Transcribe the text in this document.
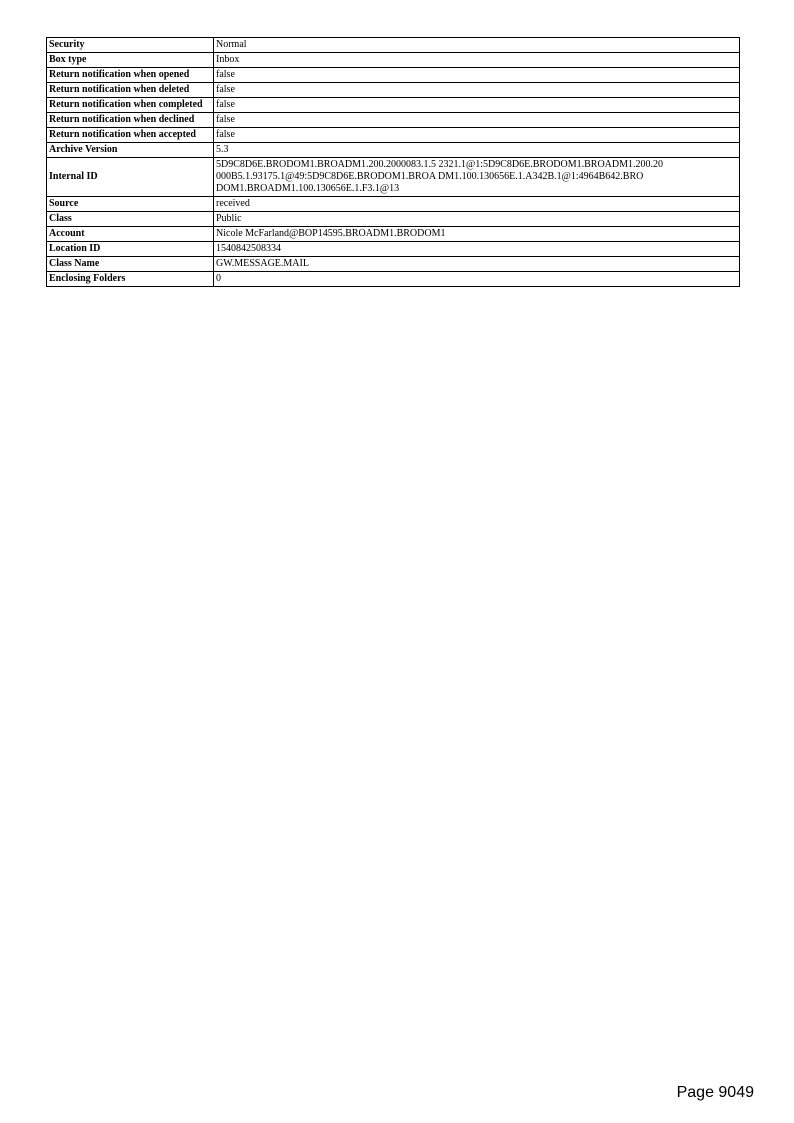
Security	Normal
Box type	Inbox
Return notification when opened	false
Return notification when deleted	false
Return notification when completed	false
Return notification when declined	false
Return notification when accepted	false
Archive Version	5.3
Internal ID	5D9C8D6E.BRODOM1.BROADM1.200.2000083.1.5 2321.1@1:5D9C8D6E.BRODOM1.BROADM1.200.20 000B5.1.93175.1@49:5D9C8D6E.BRODOM1.BROA DM1.100.130656E.1.A342B.1@1:4964B642.BRO DOM1.BROADM1.100.130656E.1.F3.1@13
Source	received
Class	Public
Account	Nicole McFarland@BOP14595.BROADM1.BRODOM1
Location ID	1540842508334
Class Name	GW.MESSAGE.MAIL
Enclosing Folders	0
Page 9049
